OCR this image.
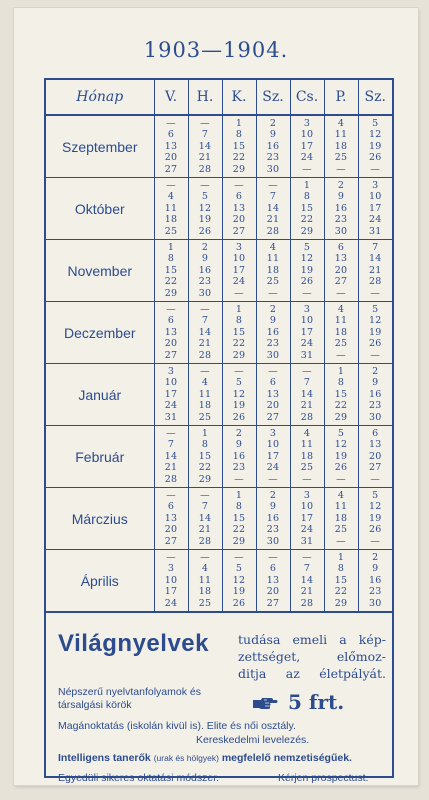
1903—1904.
Hónap	V.	H.	K.	Sz.	Cs.	P.	Sz.
Szeptember	—
6
13
20
27	—
7
14
21
28	1
8
15
22
29	2
9
16
23
30	3
10
17
24
—	4
11
18
25
—	5
12
19
26
—

Október	—
4
11
18
25	—
5
12
19
26	—
6
13
20
27	—
7
14
21
28	1
8
15
22
29	2
9
16
23
30	3
10
17
24
31

November	1
8
15
22
29	2
9
16
23
30	3
10
17
24
—	4
11
18
25
—	5
12
19
26
—	6
13
20
27
—	7
14
21
28
—

Deczember	—
6
13
20
27	—
7
14
21
28	1
8
15
22
29	2
9
16
23
30	3
10
17
24
31	4
11
18
25
—	5
12
19
26
—

Január	3
10
17
24
31	—
4
11
18
25	—
5
12
19
26	—
6
13
20
27	—
7
14
21
28	1
8
15
22
29	2
9
16
23
30

Február	—
7
14
21
28	1
8
15
22
29	2
9
16
23
—	3
10
17
24
—	4
11
18
25
—	5
12
19
26
—	6
13
20
27
—

Márczius	—
6
13
20
27	—
7
14
21
28	1
8
15
22
29	2
9
16
23
30	3
10
17
24
31	4
11
18
25
—	5
12
19
26
—

Április	—
3
10
17
24	—
4
11
18
25	—
5
12
19
26	—
6
13
20
27	—
7
14
21
28	1
8
15
22
29	2
9
16
23
30
Világnyelvek tudása emeli a kép-
zettséget, előmoz-
ditja az életpályát.
Népszerű nyelvtanfolyamok és
társalgási körök	5 frt.
Magánoktatás (iskolán kivül is). Elite és női osztály.
Kereskedelmi levelezés.
Intelligens tanerők (urak és hölgyek) megfelelő nemzetiségűek.
Egyedüli sikeres oktatási módszer.	Kérjen prospectust.
